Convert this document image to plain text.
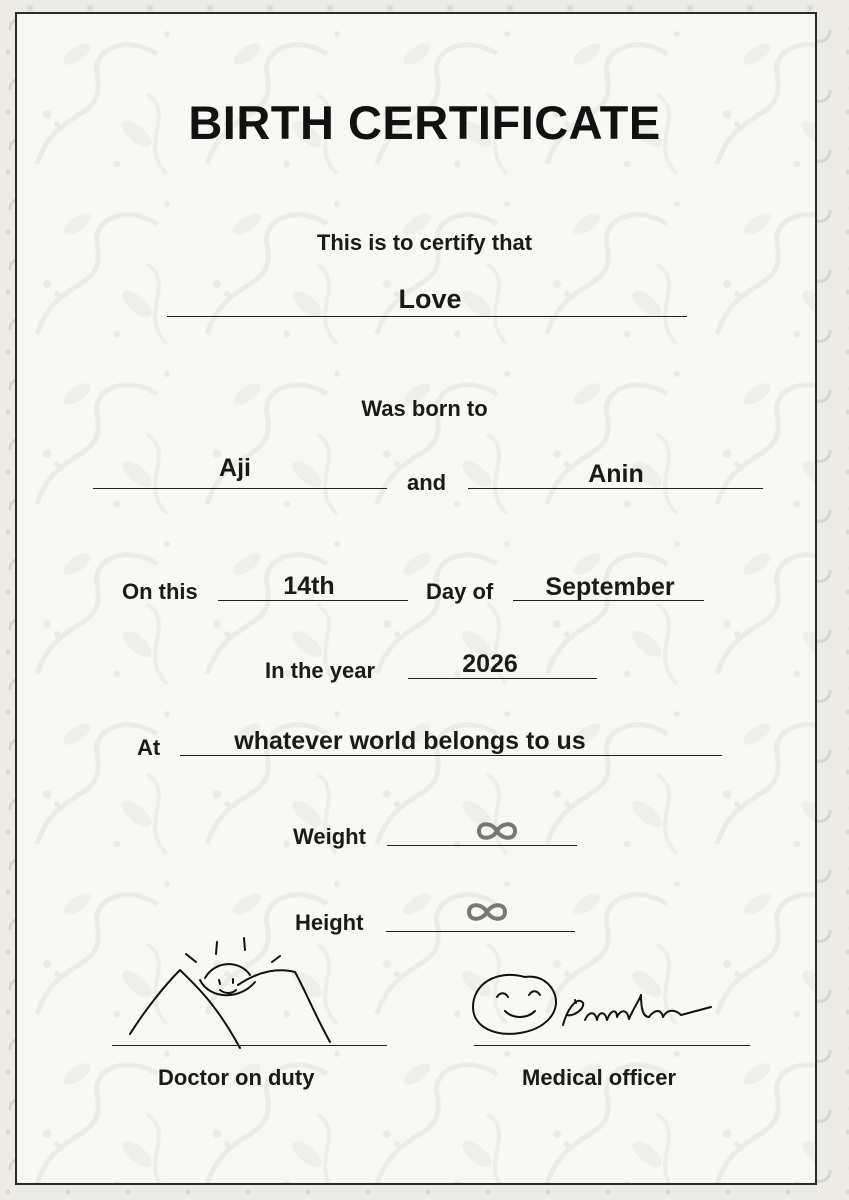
BIRTH CERTIFICATE
This is to certify that
Love
Was born to
Aji
and	Anin
On this	14th	Day of	September
In the year	2026
At	whatever world belongs to us
Weight
Height
Doctor on duty	Medical officer
